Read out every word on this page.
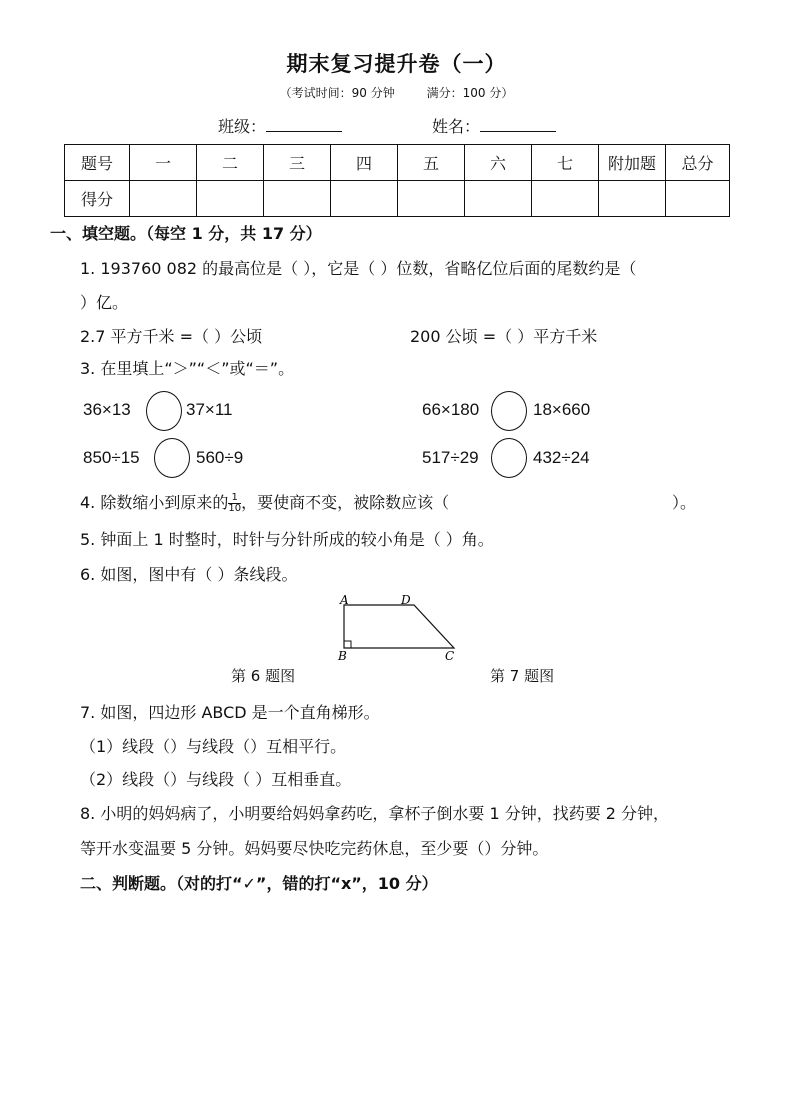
期末复习提升卷（一）
（考试时间：90 分钟	满分：100 分）
班级：	姓名：
题号	一	二	三	四	五	六	七	附加题	总分
得分									
一、填空题。（每空 1 分，共 17 分）
1. 193760 082 的最高位是（ ），它是（ ）位数，省略亿位后面的尾数约是（
）亿。
2.7 平方千米 =（ ）公顷	200 公顷 =（ ）平方千米
3. 在里填上“＞”“＜”或“＝”。
36×13	37×11	66×180	18×660
850÷15	560÷9	517÷29	432÷24
4. 除数缩小到原来的 $\frac{1}{10}$ ，要使商不变，被除数应该（	）。
5. 钟面上 1 时整时，时针与分针所成的较小角是（ ）角。
6. 如图，图中有（ ）条线段。
A	D
B	C
第 6 题图	第 7 题图
7. 如图，四边形 ABCD 是一个直角梯形。
（1）线段（）与线段（）互相平行。
（2）线段（）与线段（ ）互相垂直。
8. 小明的妈妈病了，小明要给妈妈拿药吃，拿杯子倒水要 1 分钟，找药要 2 分钟，
等开水变温要 5 分钟。妈妈要尽快吃完药休息，至少要（）分钟。
二、判断题。（对的打“✓”，错的打“x”，10 分）
